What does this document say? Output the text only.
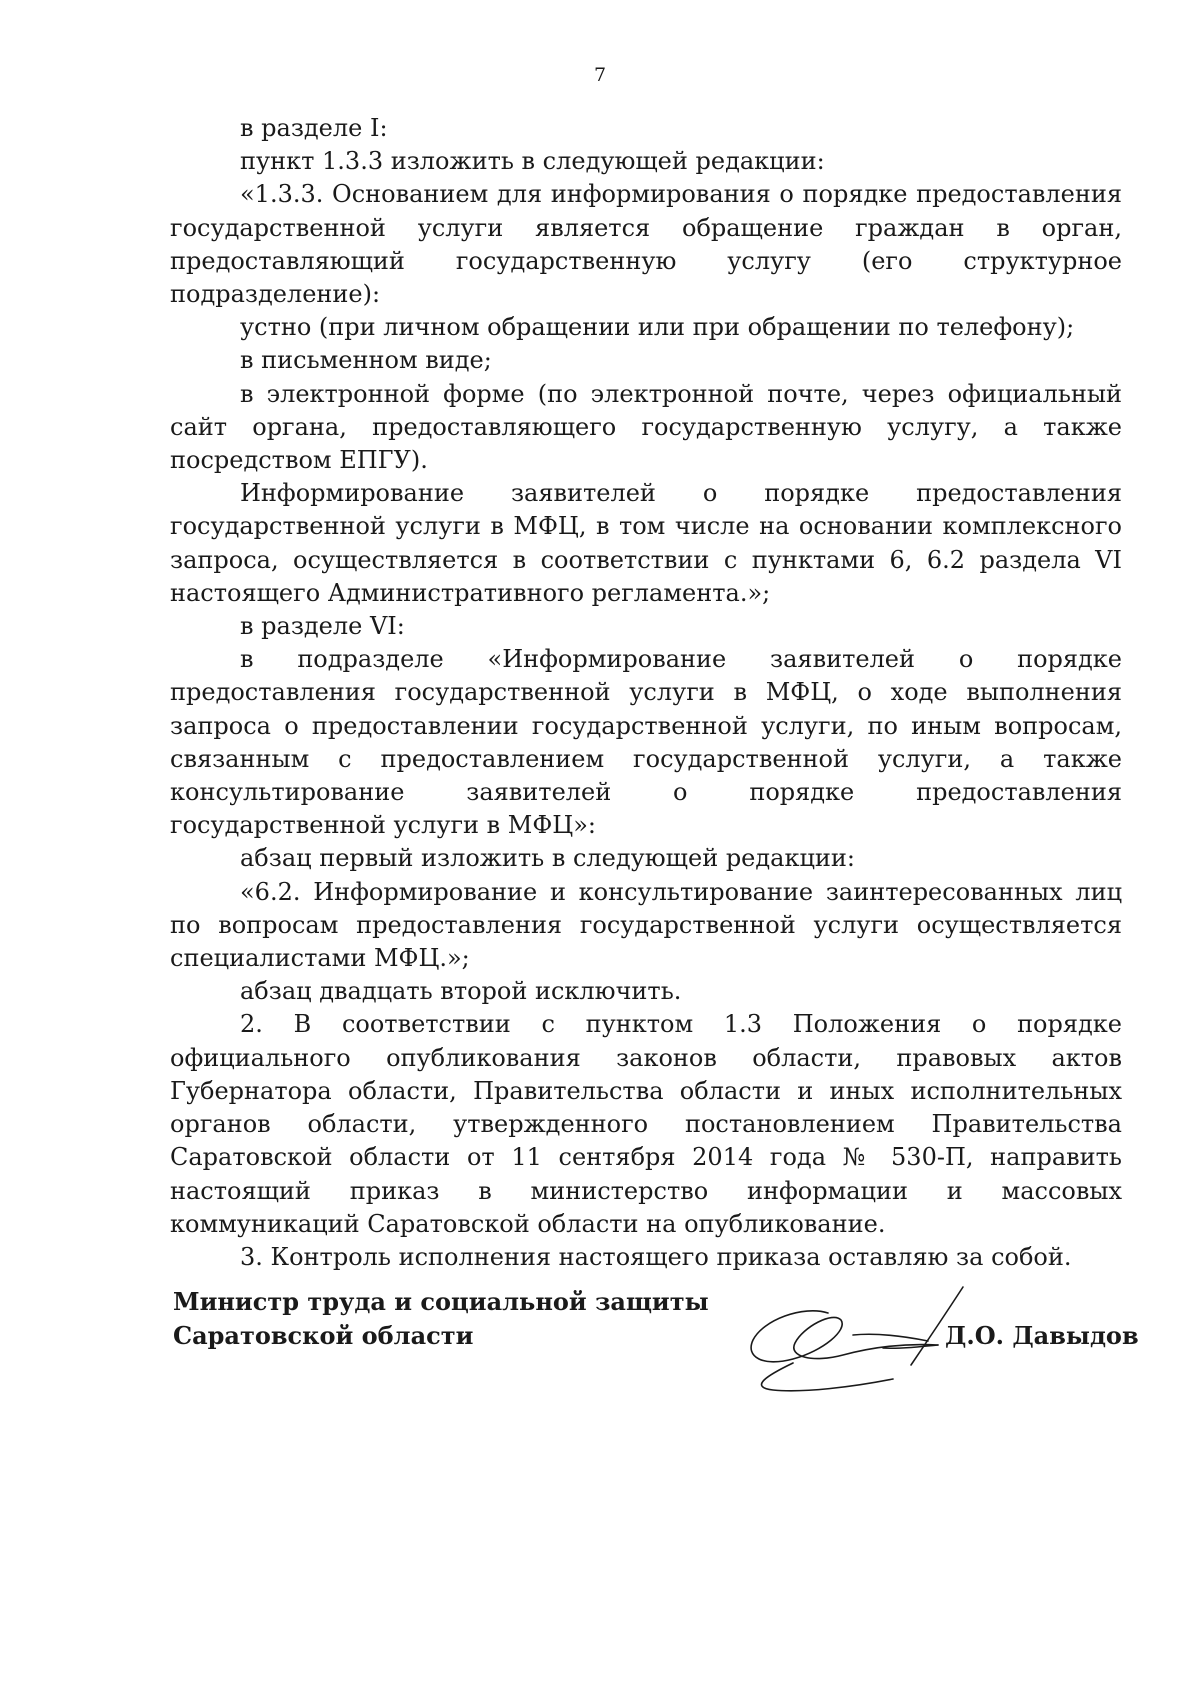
7

в разделе I:

пункт 1.3.3 изложить в следующей редакции:

«1.3.3. Основанием для информирования о порядке предоставления государственной услуги является обращение граждан в орган, предоставляющий государственную услугу (его структурное подразделение):

устно (при личном обращении или при обращении по телефону);

в письменном виде;

в электронной форме (по электронной почте, через официальный сайт органа, предоставляющего государственную услугу, а также посредством ЕПГУ).

Информирование заявителей о порядке предоставления государственной услуги в МФЦ, в том числе на основании комплексного запроса, осуществляется в соответствии с пунктами 6, 6.2 раздела VI настоящего Административного регламента.»;

в разделе VI:

в подразделе «Информирование заявителей о порядке предоставления государственной услуги в МФЦ, о ходе выполнения запроса о предоставлении государственной услуги, по иным вопросам, связанным с предоставлением государственной услуги, а также консультирование заявителей о порядке предоставления государственной услуги в МФЦ»:

абзац первый изложить в следующей редакции:

«6.2. Информирование и консультирование заинтересованных лиц по вопросам предоставления государственной услуги осуществляется специалистами МФЦ.»;

абзац двадцать второй исключить.

2. В соответствии с пунктом 1.3 Положения о порядке официального опубликования законов области, правовых актов Губернатора области, Правительства области и иных исполнительных органов области, утвержденного постановлением Правительства Саратовской области от 11 сентября 2014 года № 530-П, направить настоящий приказ в министерство информации и массовых коммуникаций Саратовской области на опубликование.

3. Контроль исполнения настоящего приказа оставляю за собой.

Министр труда и социальной защиты
Саратовской области	Д.О. Давыдов
